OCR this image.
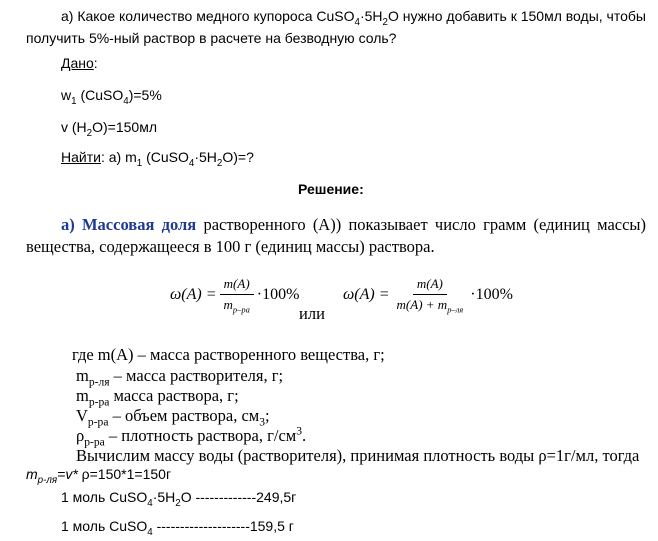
а) Какое количество медного купороса $CuSO_4\cdot 5H_2O$ нужно добавить к 150мл воды, чтобы
получить 5%-ный раствор в расчете на безводную соль?
Дано:
$w_1$ (CuSO$_4$)=5%
v $(H_2O)=150мл$
Найти: а) $m_1$ $(CuSO_4\cdot 5H_2O)=$?
Решение:
а) Массовая доля растворенного (А)) показывает число грамм (единиц массы) вещества, содержащееся в 100 г (единиц массы) раствора.
$\omega(A) = \frac{m(A)}{m_{р-ра}} \cdot 100\%$
или
$\omega(A) = \frac{m(A)}{m(A) + m_{р-ля}} \cdot 100\%$
где m(А) – масса растворенного вещества, г;
$m_{р-ля}$ – масса растворителя, г;
$m_{р-ра}$ масса раствора, г;
$V_{р-ра}$ – объем раствора, $см_3$;
$\rho_{р-ра}$ – плотность раствора, $г/см^3$.
Вычислим массу воды (растворителя), принимая плотность воды ρ=1г/мл, тогда
$m_{р-ля}=v*$ ρ=150*1=150г
1 моль $CuSO_4\cdot 5H_2O$ -------------249,5г
1 моль CuSO$_4$ --------------------159,5 г
